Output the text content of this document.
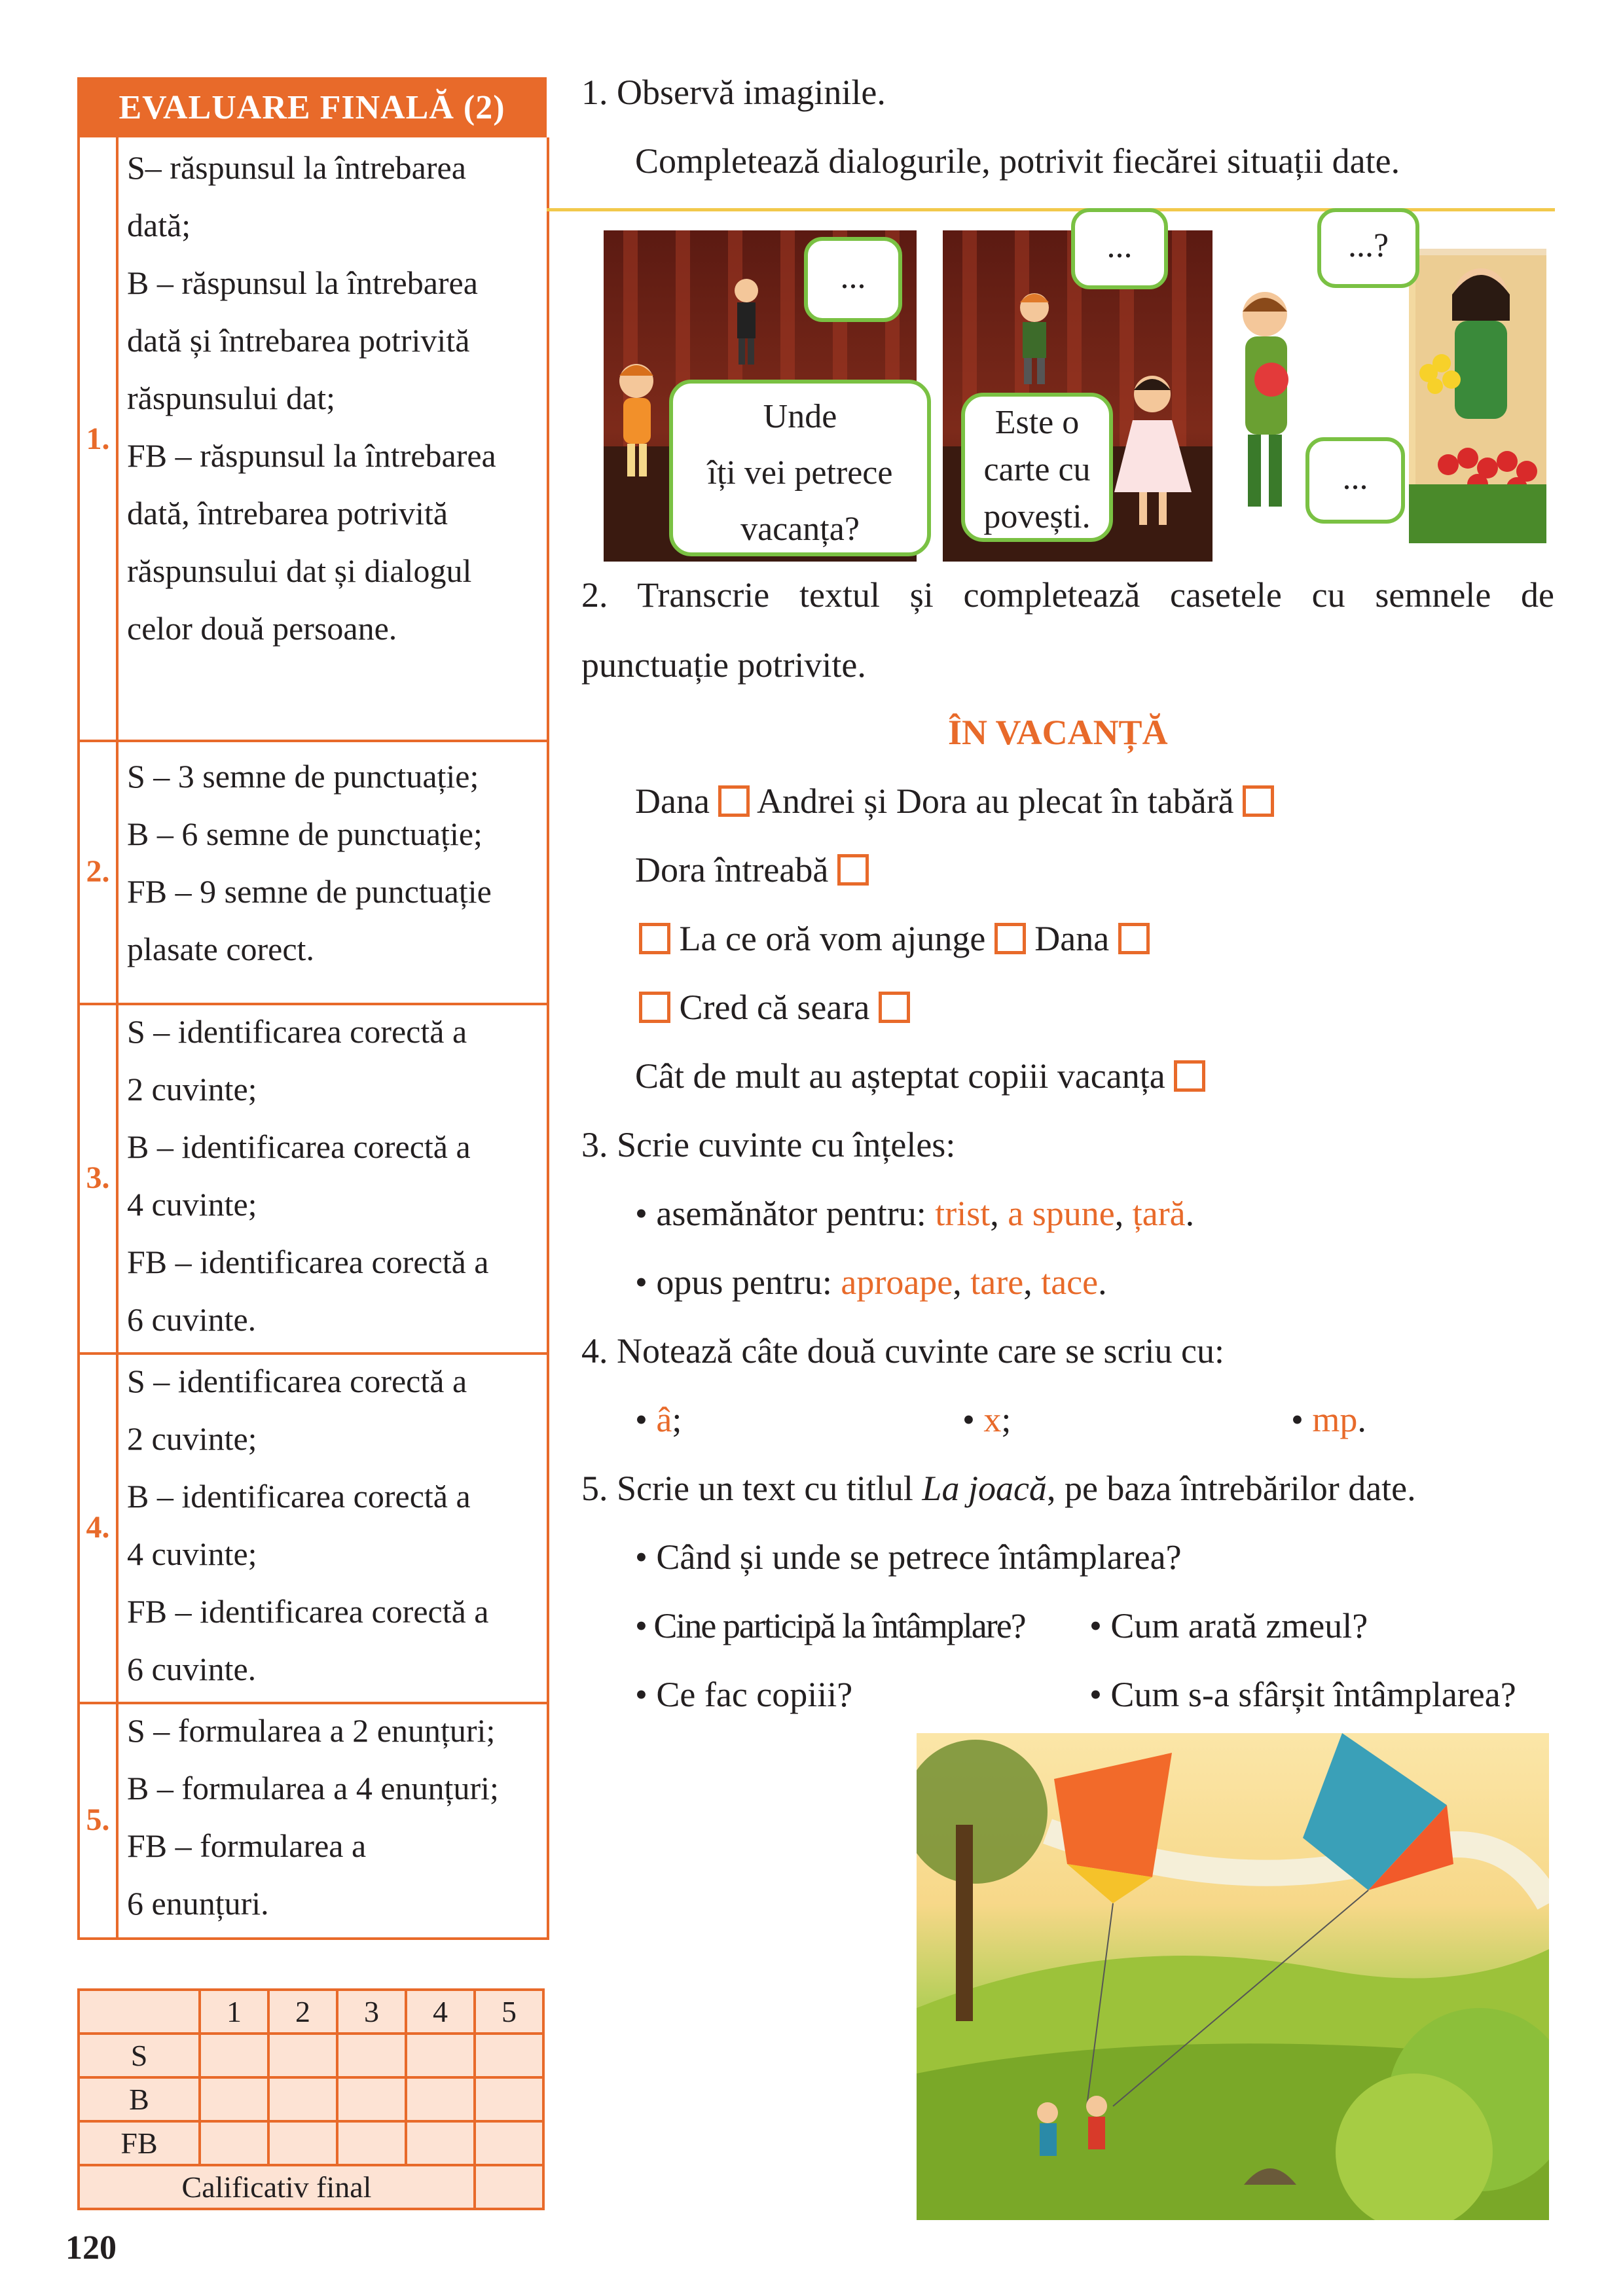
EVALUARE FINALĂ (2)
1.
S– răspunsul la întrebarea
dată;
B – răspunsul la întrebarea
dată și întrebarea potrivită
răspunsului dat;
FB – răspunsul la întrebarea
dată, întrebarea potrivită
răspunsului dat și dialogul
celor două persoane.
2.
S – 3 semne de punctuație;
B – 6 semne de punctuație;
FB – 9 semne de punctuație
plasate corect.
3.
S – identificarea corectă a
2 cuvinte;
B – identificarea corectă a
4 cuvinte;
FB – identificarea corectă a
6 cuvinte.
4.
S – identificarea corectă a
2 cuvinte;
B – identificarea corectă a
4 cuvinte;
FB – identificarea corectă a
6 cuvinte.
5.
S – formularea a 2 enunțuri;
B – formularea a 4 enunțuri;
FB – formularea a
6 enunțuri.
	1	2	3	4	5
S					
B					
FB					
Calificativ final					
120
1. Observă imaginile.
Completează dialogurile, potrivit fiecărei situații date.
...
Unde
îți vei petrece
vacanța?
...
Este o
carte cu
povești.
...?
...
2. Transcrie textul și completează casetele cu semnele de
punctuație potrivite.
ÎN VACANȚĂ
Dana Andrei și Dora au plecat în tabără
Dora întreabă
La ce oră vom ajunge Dana
Cred că seara
Cât de mult au așteptat copiii vacanța
3. Scrie cuvinte cu înțeles:
• asemănător pentru: trist, a spune, țară.
• opus pentru: aproape, tare, tace.
4. Notează câte două cuvinte care se scriu cu:
• â;	• x;	• mp.
5. Scrie un text cu titlul La joacă, pe baza întrebărilor date.
• Când și unde se petrece întâmplarea?
• Cine participă la întâmplare? • Cum arată zmeul?
• Ce fac copiii?	• Cum s-a sfârșit întâmplarea?
